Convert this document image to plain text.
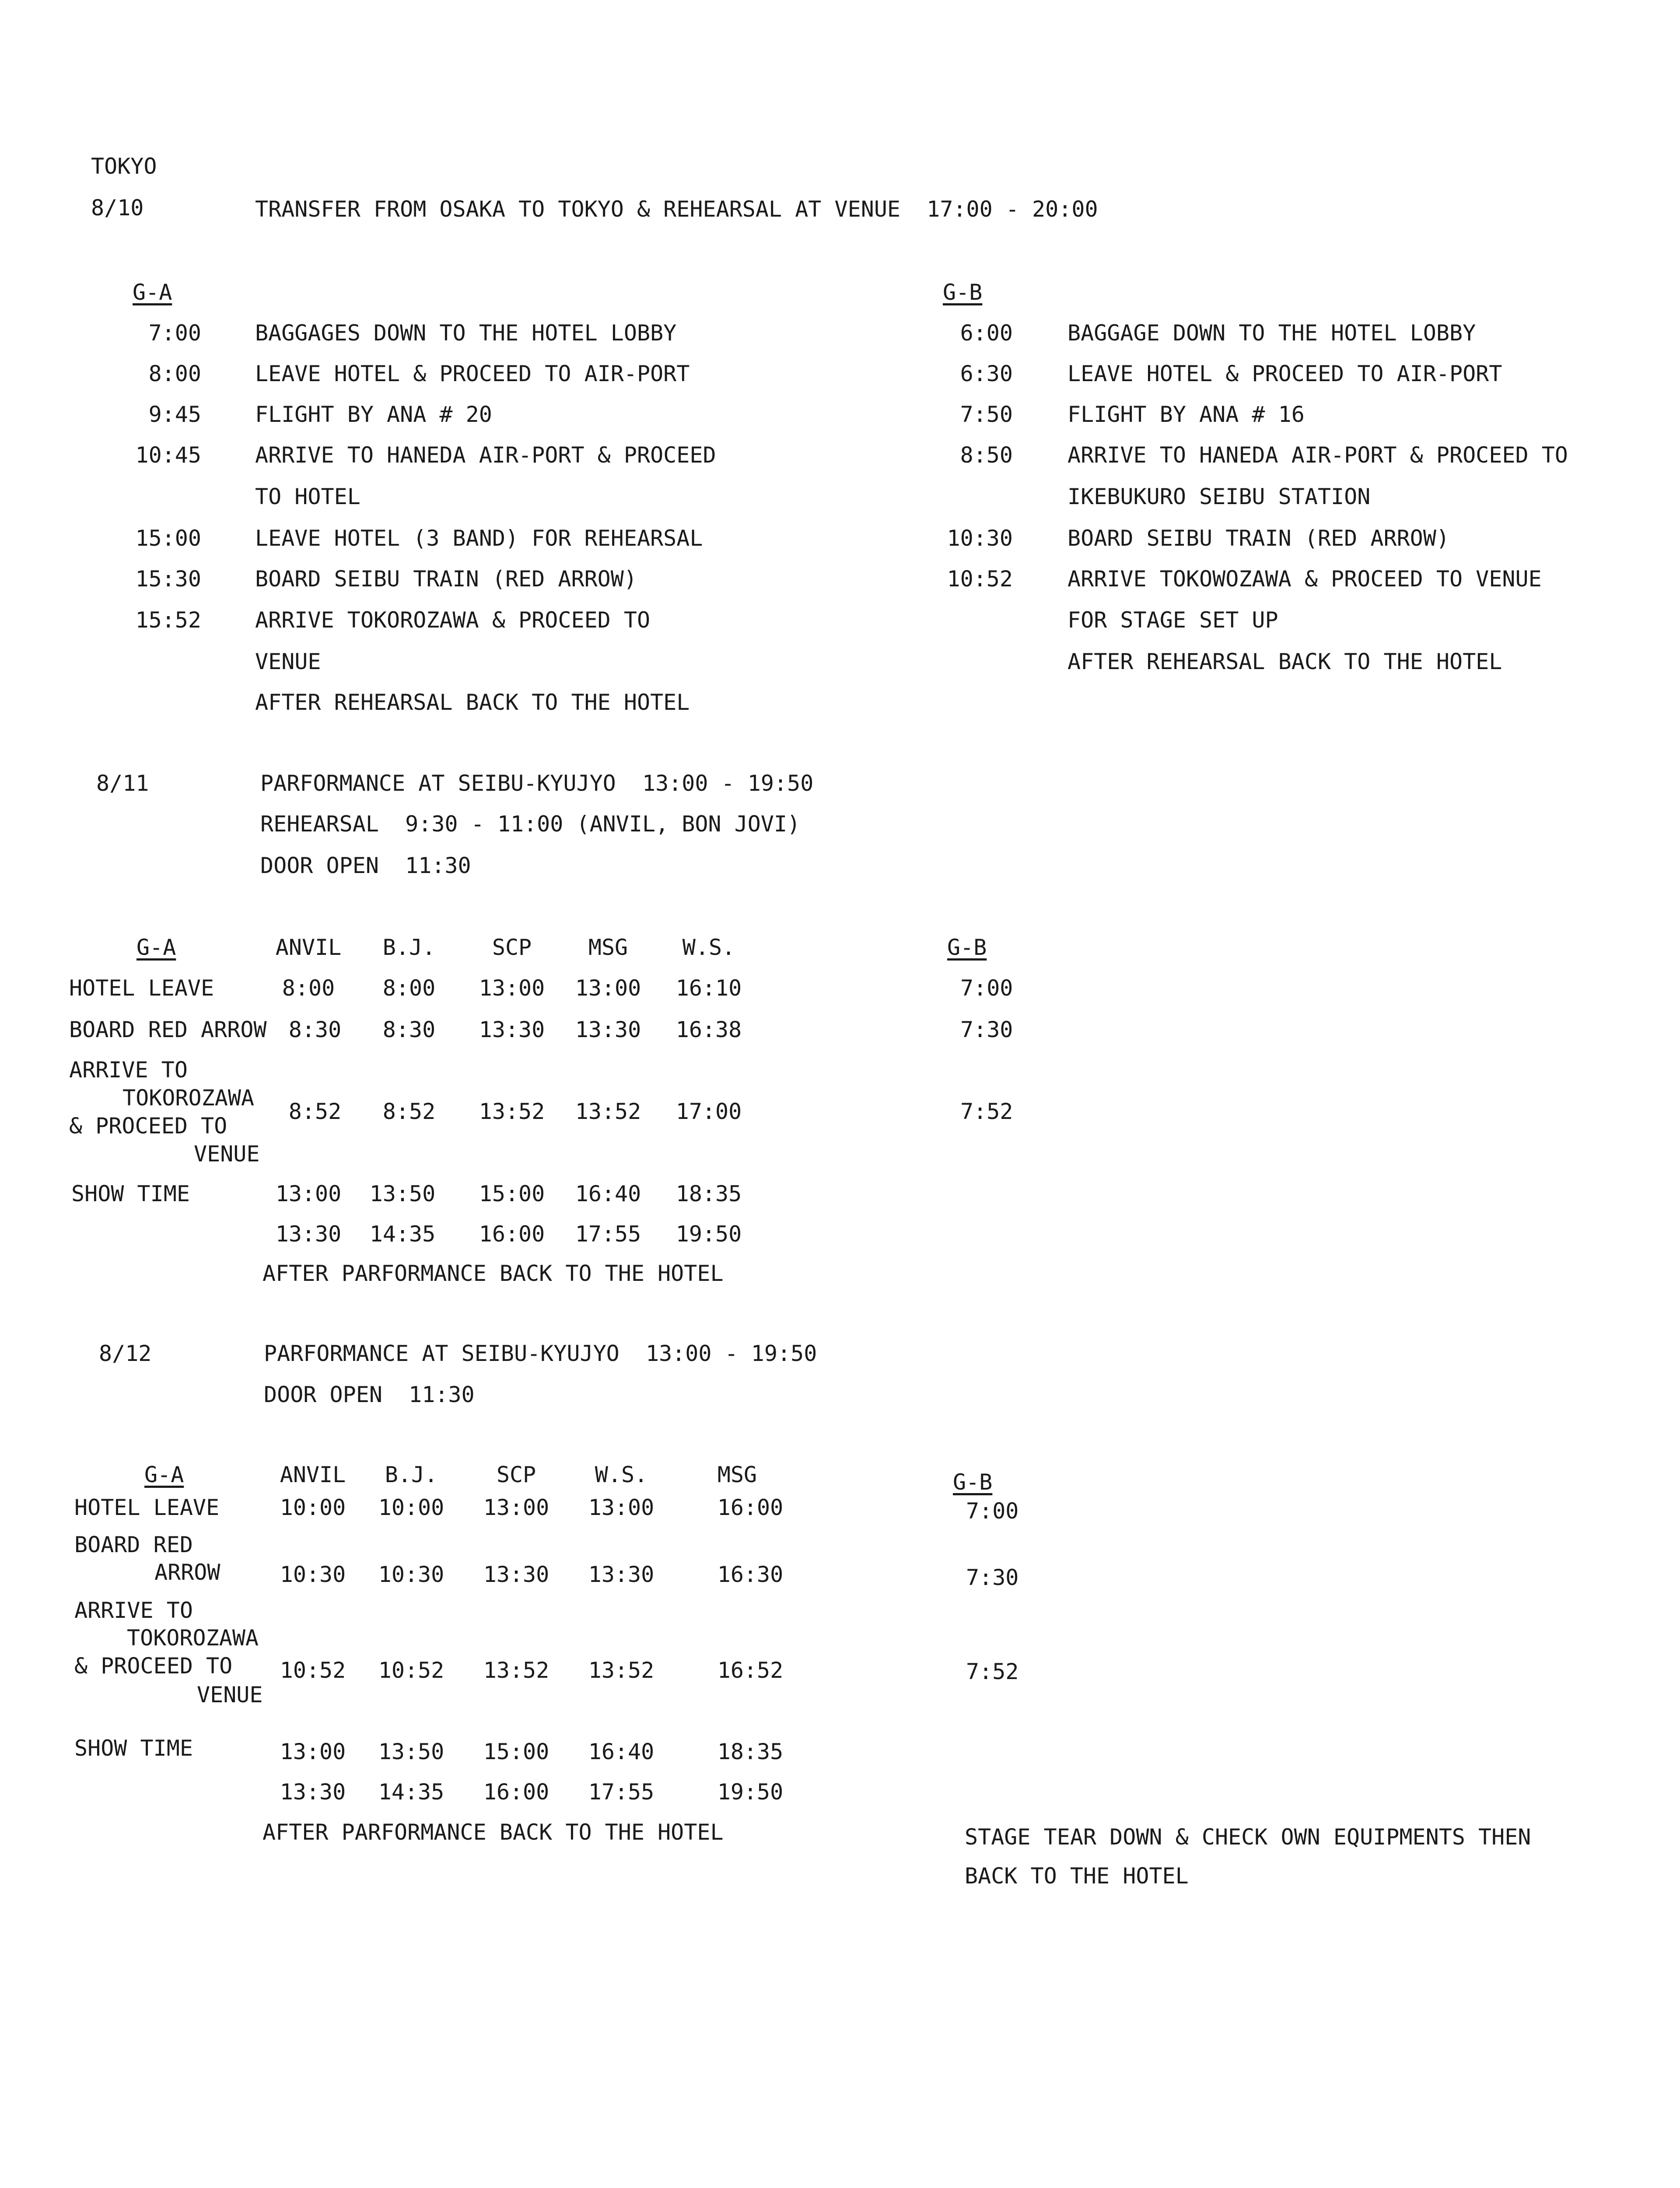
TOKYO
8/10	TRANSFER FROM OSAKA TO TOKYO & REHEARSAL AT VENUE  17:00 - 20:00
G-A
7:00 BAGGAGES DOWN TO THE HOTEL LOBBY
8:00 LEAVE HOTEL & PROCEED TO AIR-PORT
9:45 FLIGHT BY ANA # 20
10:45 ARRIVE TO HANEDA AIR-PORT & PROCEED
TO HOTEL
15:00 LEAVE HOTEL (3 BAND) FOR REHEARSAL
15:30 BOARD SEIBU TRAIN (RED ARROW)
15:52 ARRIVE TOKOROZAWA & PROCEED TO
VENUE
AFTER REHEARSAL BACK TO THE HOTEL
G-B
6:00	BAGGAGE DOWN TO THE HOTEL LOBBY
6:30	LEAVE HOTEL & PROCEED TO AIR-PORT
7:50	FLIGHT BY ANA # 16
8:50	ARRIVE TO HANEDA AIR-PORT & PROCEED TO
IKEBUKURO SEIBU STATION
10:30	BOARD SEIBU TRAIN (RED ARROW)
10:52	ARRIVE TOKOWOZAWA & PROCEED TO VENUE
FOR STAGE SET UP
AFTER REHEARSAL BACK TO THE HOTEL
8/11	PARFORMANCE AT SEIBU-KYUJYO  13:00 - 19:50
REHEARSAL  9:30 - 11:00 (ANVIL, BON JOVI)
DOOR OPEN  11:30
G-A	ANVIL	B.J.	SCP	MSG	W.S.	G-B
HOTEL LEAVE	8:00	8:00	13:00	13:00	16:10	7:00
BOARD RED ARROW	8:30	8:30	13:30	13:30	16:38	7:30
ARRIVE TO
TOKOROZAWA
& PROCEED TO
VENUE
8:52	8:52	13:52	13:52	17:00	7:52
SHOW TIME	13:00	13:50	15:00	16:40	18:35
13:30	14:35	16:00	17:55	19:50
AFTER PARFORMANCE BACK TO THE HOTEL
8/12	PARFORMANCE AT SEIBU-KYUJYO  13:00 - 19:50
DOOR OPEN  11:30
G-A	ANVIL	B.J.	SCP	W.S.	MSG	G-B
HOTEL LEAVE	10:00	10:00	13:00	13:00	16:00	7:00
BOARD RED
ARROW	10:30	10:30	13:30	13:30	16:30	7:30
ARRIVE TO
TOKOROZAWA
& PROCEED TO
VENUE
10:52	10:52	13:52	13:52	16:52	7:52
SHOW TIME	13:00	13:50	15:00	16:40	18:35
13:30	14:35	16:00	17:55	19:50
AFTER PARFORMANCE BACK TO THE HOTEL	STAGE TEAR DOWN & CHECK OWN EQUIPMENTS THEN
BACK TO THE HOTEL
